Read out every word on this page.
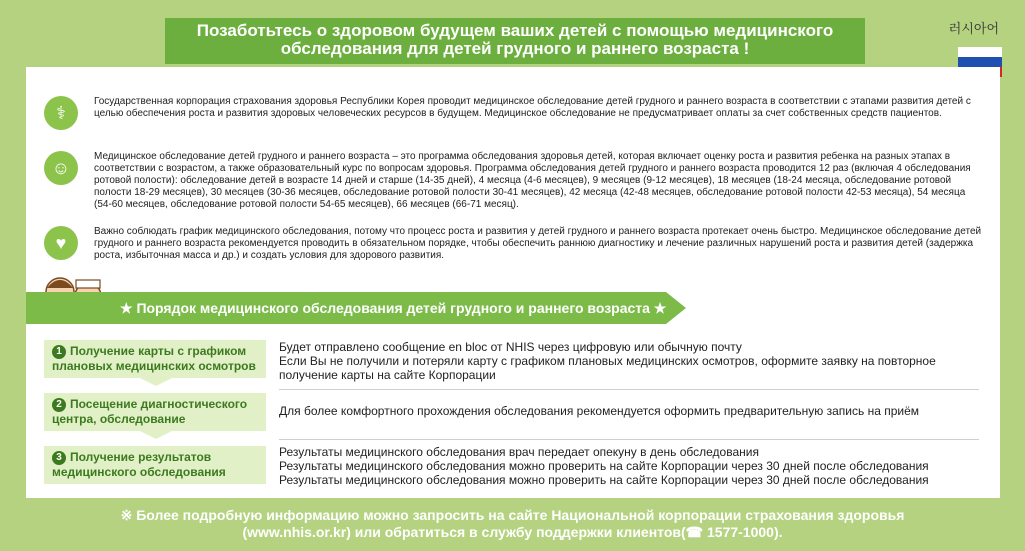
Позаботьтесь о здоровом будущем ваших детей с помощью медицинского
обследования для детей грудного и раннего возраста !
러시아어
⚕
Государственная корпорация страхования здоровья Республики Корея проводит медицинское обследование детей грудного и раннего возраста в соответствии с этапами развития детей с целью обеспечения роста и развития здоровых человеческих ресурсов в будущем. Медицинское обследование не предусматривает оплаты за счет собственных средств пациентов.
☺
Медицинское обследование детей грудного и раннего возраста – это программа обследования здоровья детей, которая включает оценку роста и развития ребенка на разных этапах в соответствии с возрастом, а также образовательный курс по вопросам здоровья. Программа обследования детей грудного и раннего возраста проводится 12 раз (включая 4 обследования ротовой полости): обследование детей в возрасте 14 дней и старше (14-35 дней), 4 месяца (4-6 месяцев), 9 месяцев (9-12 месяцев), 18 месяцев (18-24 месяца, обследование ротовой полости 18-29 месяцев), 30 месяцев (30-36 месяцев, обследование ротовой полости 30-41 месяцев), 42 месяца (42-48 месяцев, обследование ротовой полости 42-53 месяца), 54 месяца (54-60 месяцев, обследование ротовой полости 54-65 месяцев), 66 месяцев (66-71 месяц).
♥
Важно соблюдать график медицинского обследования, потому что процесс роста и развития у детей грудного и раннего возраста протекает очень быстро. Медицинское обследование детей грудного и раннего возраста рекомендуется проводить в обязательном порядке, чтобы обеспечить раннюю диагностику и лечение различных нарушений роста и развития детей (задержка роста, избыточная масса и др.) и создать условия для здорового развития.
★ Порядок медицинского обследования детей грудного и раннего возраста ★
1 Получение карты с графиком плановых медицинских осмотров
Будет отправлено сообщение en bloc от NHIS через цифровую или обычную почту
Если Вы не получили и потеряли карту с графиком плановых медицинских осмотров, оформите заявку на повторное получение карты на сайте Корпорации
2 Посещение диагностического центра, обследование
Для более комфортного прохождения обследования рекомендуется оформить предварительную запись на приём
3 Получение результатов медицинского обследования
Результаты медицинского обследования врач передает опекуну в день обследования
Результаты медицинского обследования можно проверить на сайте Корпорации через 30 дней после обследования
Результаты медицинского обследования можно проверить на сайте Корпорации через 30 дней после обследования
※ Более подробную информацию можно запросить на сайте Национальной корпорации страхования здоровья
(www.nhis.or.kr) или обратиться в службу поддержки клиентов(☎ 1577-1000).
